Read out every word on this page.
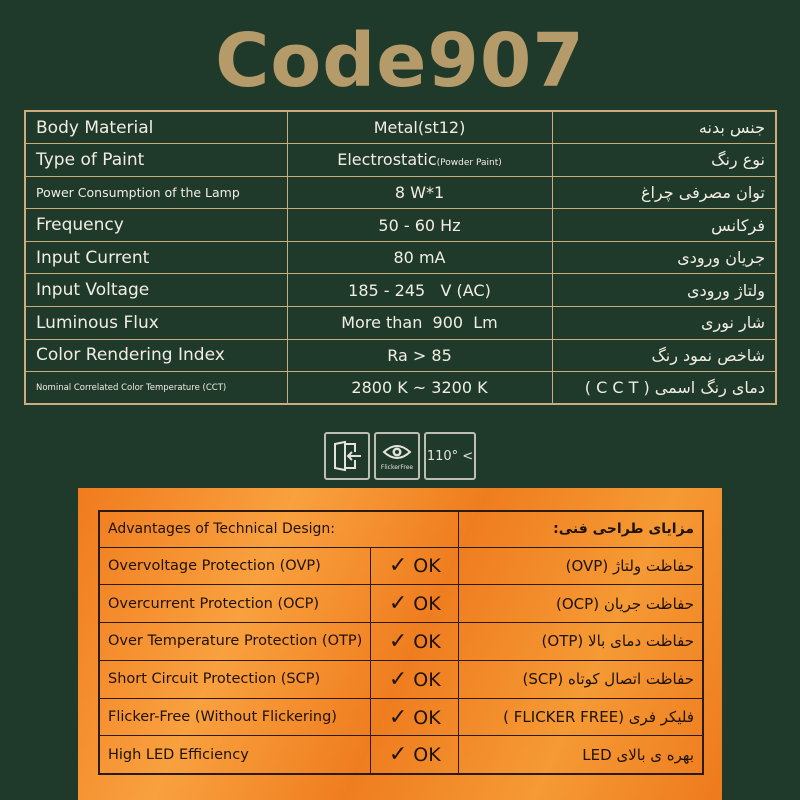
Code907
Body Material	Metal(st12)	جنس بدنه
Type of Paint	Electrostatic(Powder Paint)	نوع رنگ
Power Consumption of the Lamp	8 W*1	توان مصرفی چراغ
Frequency	50 - 60 Hz	فرکانس
Input Current	80 mA	جریان ورودی
Input Voltage	185 - 245   V (AC)	ولتاژ ورودی
Luminous Flux	More than  900  Lm	شار نوری
Color Rendering Index	Ra > 85	شاخص نمود رنگ
Nominal Correlated Color Temperature (CCT)	2800 K ~ 3200 K	دمای رنگ اسمی ( C C T )
FlickerFree
110° <
Advantages of Technical Design:		مزایای طراحی فنی:
Overvoltage Protection (OVP)	✓ OK	حفاظت ولتاژ (OVP)
Overcurrent Protection (OCP)	✓ OK	حفاظت جریان (OCP)
Over Temperature Protection (OTP)	✓ OK	حفاظت دمای بالا (OTP)
Short Circuit Protection (SCP)	✓ OK	حفاظت اتصال کوتاه (SCP)
Flicker-Free (Without Flickering)	✓ OK	فلیکر فری (FLICKER FREE )
High LED Efficiency	✓ OK	بهره ی بالای LED
